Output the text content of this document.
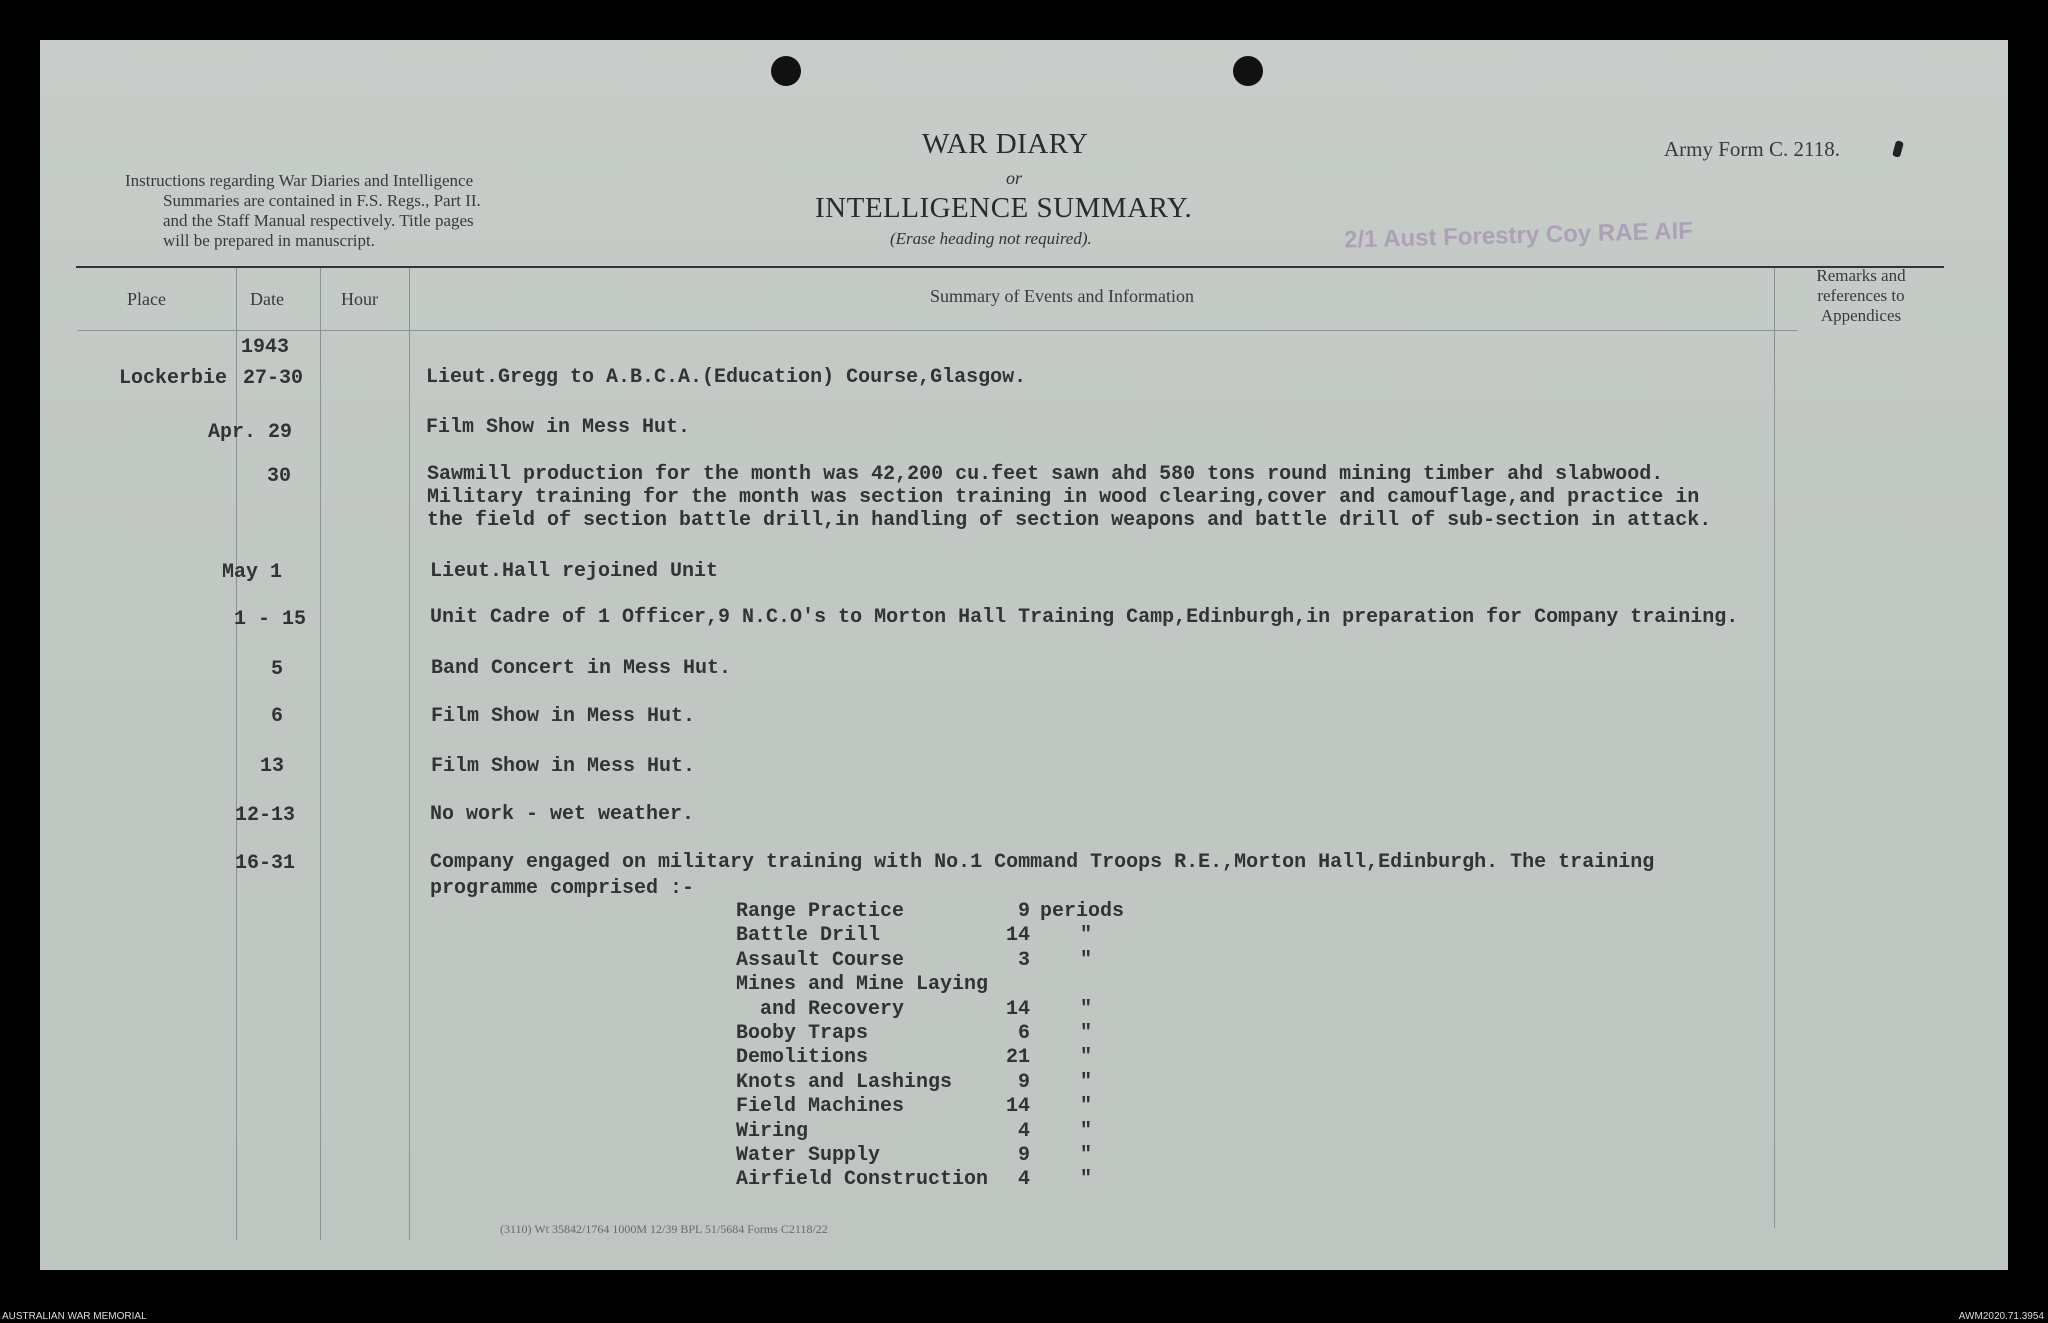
Instructions regarding War Diaries and Intelligence
Summaries are contained in F.S. Regs., Part II.
and the Staff Manual respectively. Title pages
will be prepared in manuscript.
WAR DIARY
or
INTELLIGENCE SUMMARY.
(Erase heading not required).
Army Form C. 2118.
2/1 Aust Forestry Coy RAE AIF
Place	Date	Hour	Summary of Events and Information
Remarks and
references to
Appendices
1943
Lockerbie 27-30	Lieut.Gregg to A.B.C.A.(Education) Course,Glasgow.
Apr. 29	Film Show in Mess Hut.
30	Sawmill production for the month was 42,200 cu.feet sawn ahd 580 tons round mining timber ahd slabwood.
Military training for the month was section training in wood clearing,cover and camouflage,and practice in
the field of section battle drill,in handling of section weapons and battle drill of sub-section in attack.
May 1	Lieut.Hall rejoined Unit
1 - 15	Unit Cadre of 1 Officer,9 N.C.O's to Morton Hall Training Camp,Edinburgh,in preparation for Company training.
5	Band Concert in Mess Hut.
6	Film Show in Mess Hut.
13	Film Show in Mess Hut.
12-13	No work - wet weather.
16-31	Company engaged on military training with No.1 Command Troops R.E.,Morton Hall,Edinburgh. The training
programme comprised :-
Range Practice	9 periods
Battle Drill	14	"
Assault Course	3	"
Mines and Mine Laying
and Recovery	14	"
Booby Traps	6	"
Demolitions	21	"
Knots and Lashings	9	"
Field Machines	14	"
Wiring	4	"
Water Supply	9	"
Airfield Construction	4	"
(3110) Wt 35842/1764 1000M 12/39 BPL 51/5684 Forms C2118/22
AUSTRALIAN WAR MEMORIAL	AWM2020.71.3954
